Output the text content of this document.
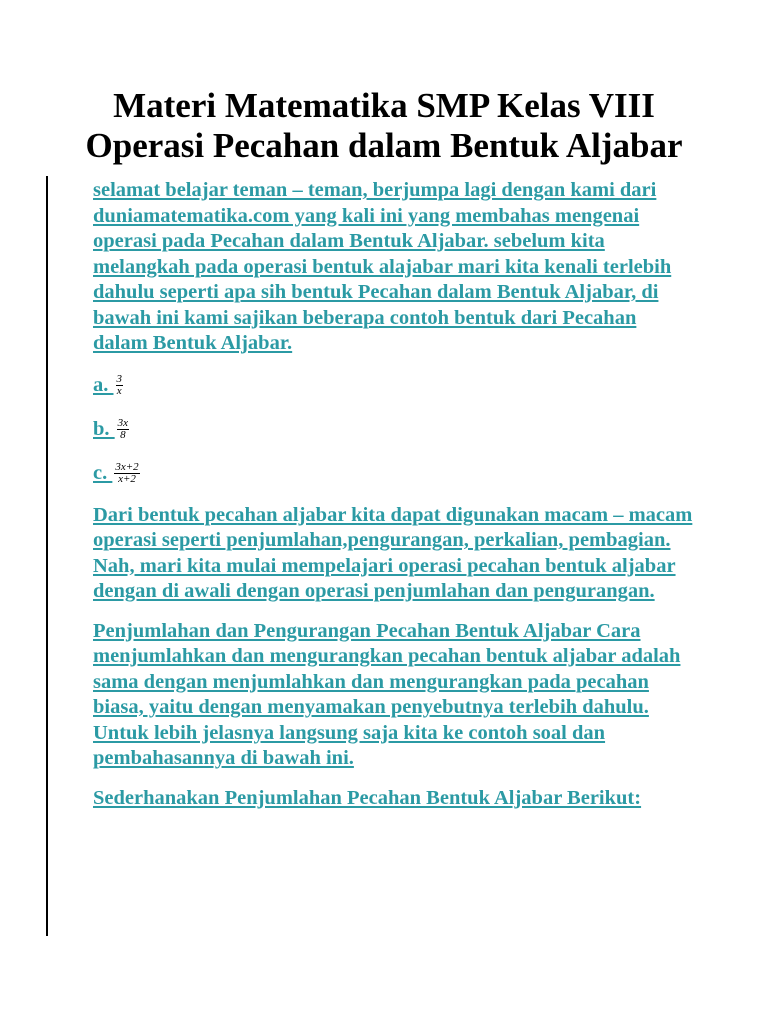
Materi Matematika SMP Kelas VIII
Operasi Pecahan dalam Bentuk Aljabar

selamat belajar teman – teman, berjumpa lagi dengan kami dari duniamatematika.com yang kali ini yang membahas mengenai operasi pada Pecahan dalam Bentuk Aljabar. sebelum kita melangkah pada operasi bentuk alajabar mari kita kenali terlebih dahulu seperti apa sih bentuk Pecahan dalam Bentuk Aljabar, di bawah ini kami sajikan beberapa contoh bentuk dari Pecahan dalam Bentuk Aljabar.

a. $\frac{3}{x}$
b. $\frac{3x}{8}$
c. $\frac{3x+2}{x+2}$

Dari bentuk pecahan aljabar kita dapat digunakan macam – macam operasi seperti penjumlahan,pengurangan, perkalian, pembagian. Nah, mari kita mulai mempelajari operasi pecahan bentuk aljabar dengan di awali dengan operasi penjumlahan dan pengurangan.

Penjumlahan dan Pengurangan Pecahan Bentuk Aljabar Cara menjumlahkan dan mengurangkan pecahan bentuk aljabar adalah sama dengan menjumlahkan dan mengurangkan pada pecahan biasa, yaitu dengan menyamakan penyebutnya terlebih dahulu. Untuk lebih jelasnya langsung saja kita ke contoh soal dan pembahasannya di bawah ini.

Sederhanakan Penjumlahan Pecahan Bentuk Aljabar Berikut:
